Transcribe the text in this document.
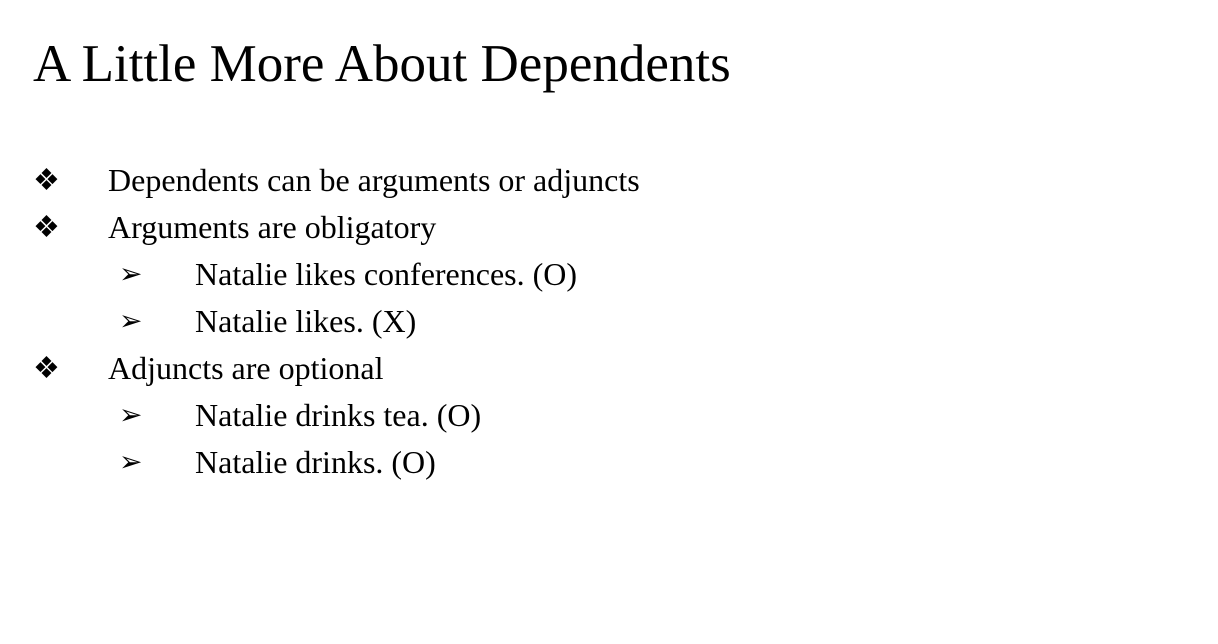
A Little More About Dependents
❖ Dependents can be arguments or adjuncts
❖ Arguments are obligatory
➢ Natalie likes conferences. (O)
➢ Natalie likes. (X)
❖ Adjuncts are optional
➢ Natalie drinks tea. (O)
➢ Natalie drinks. (O)
